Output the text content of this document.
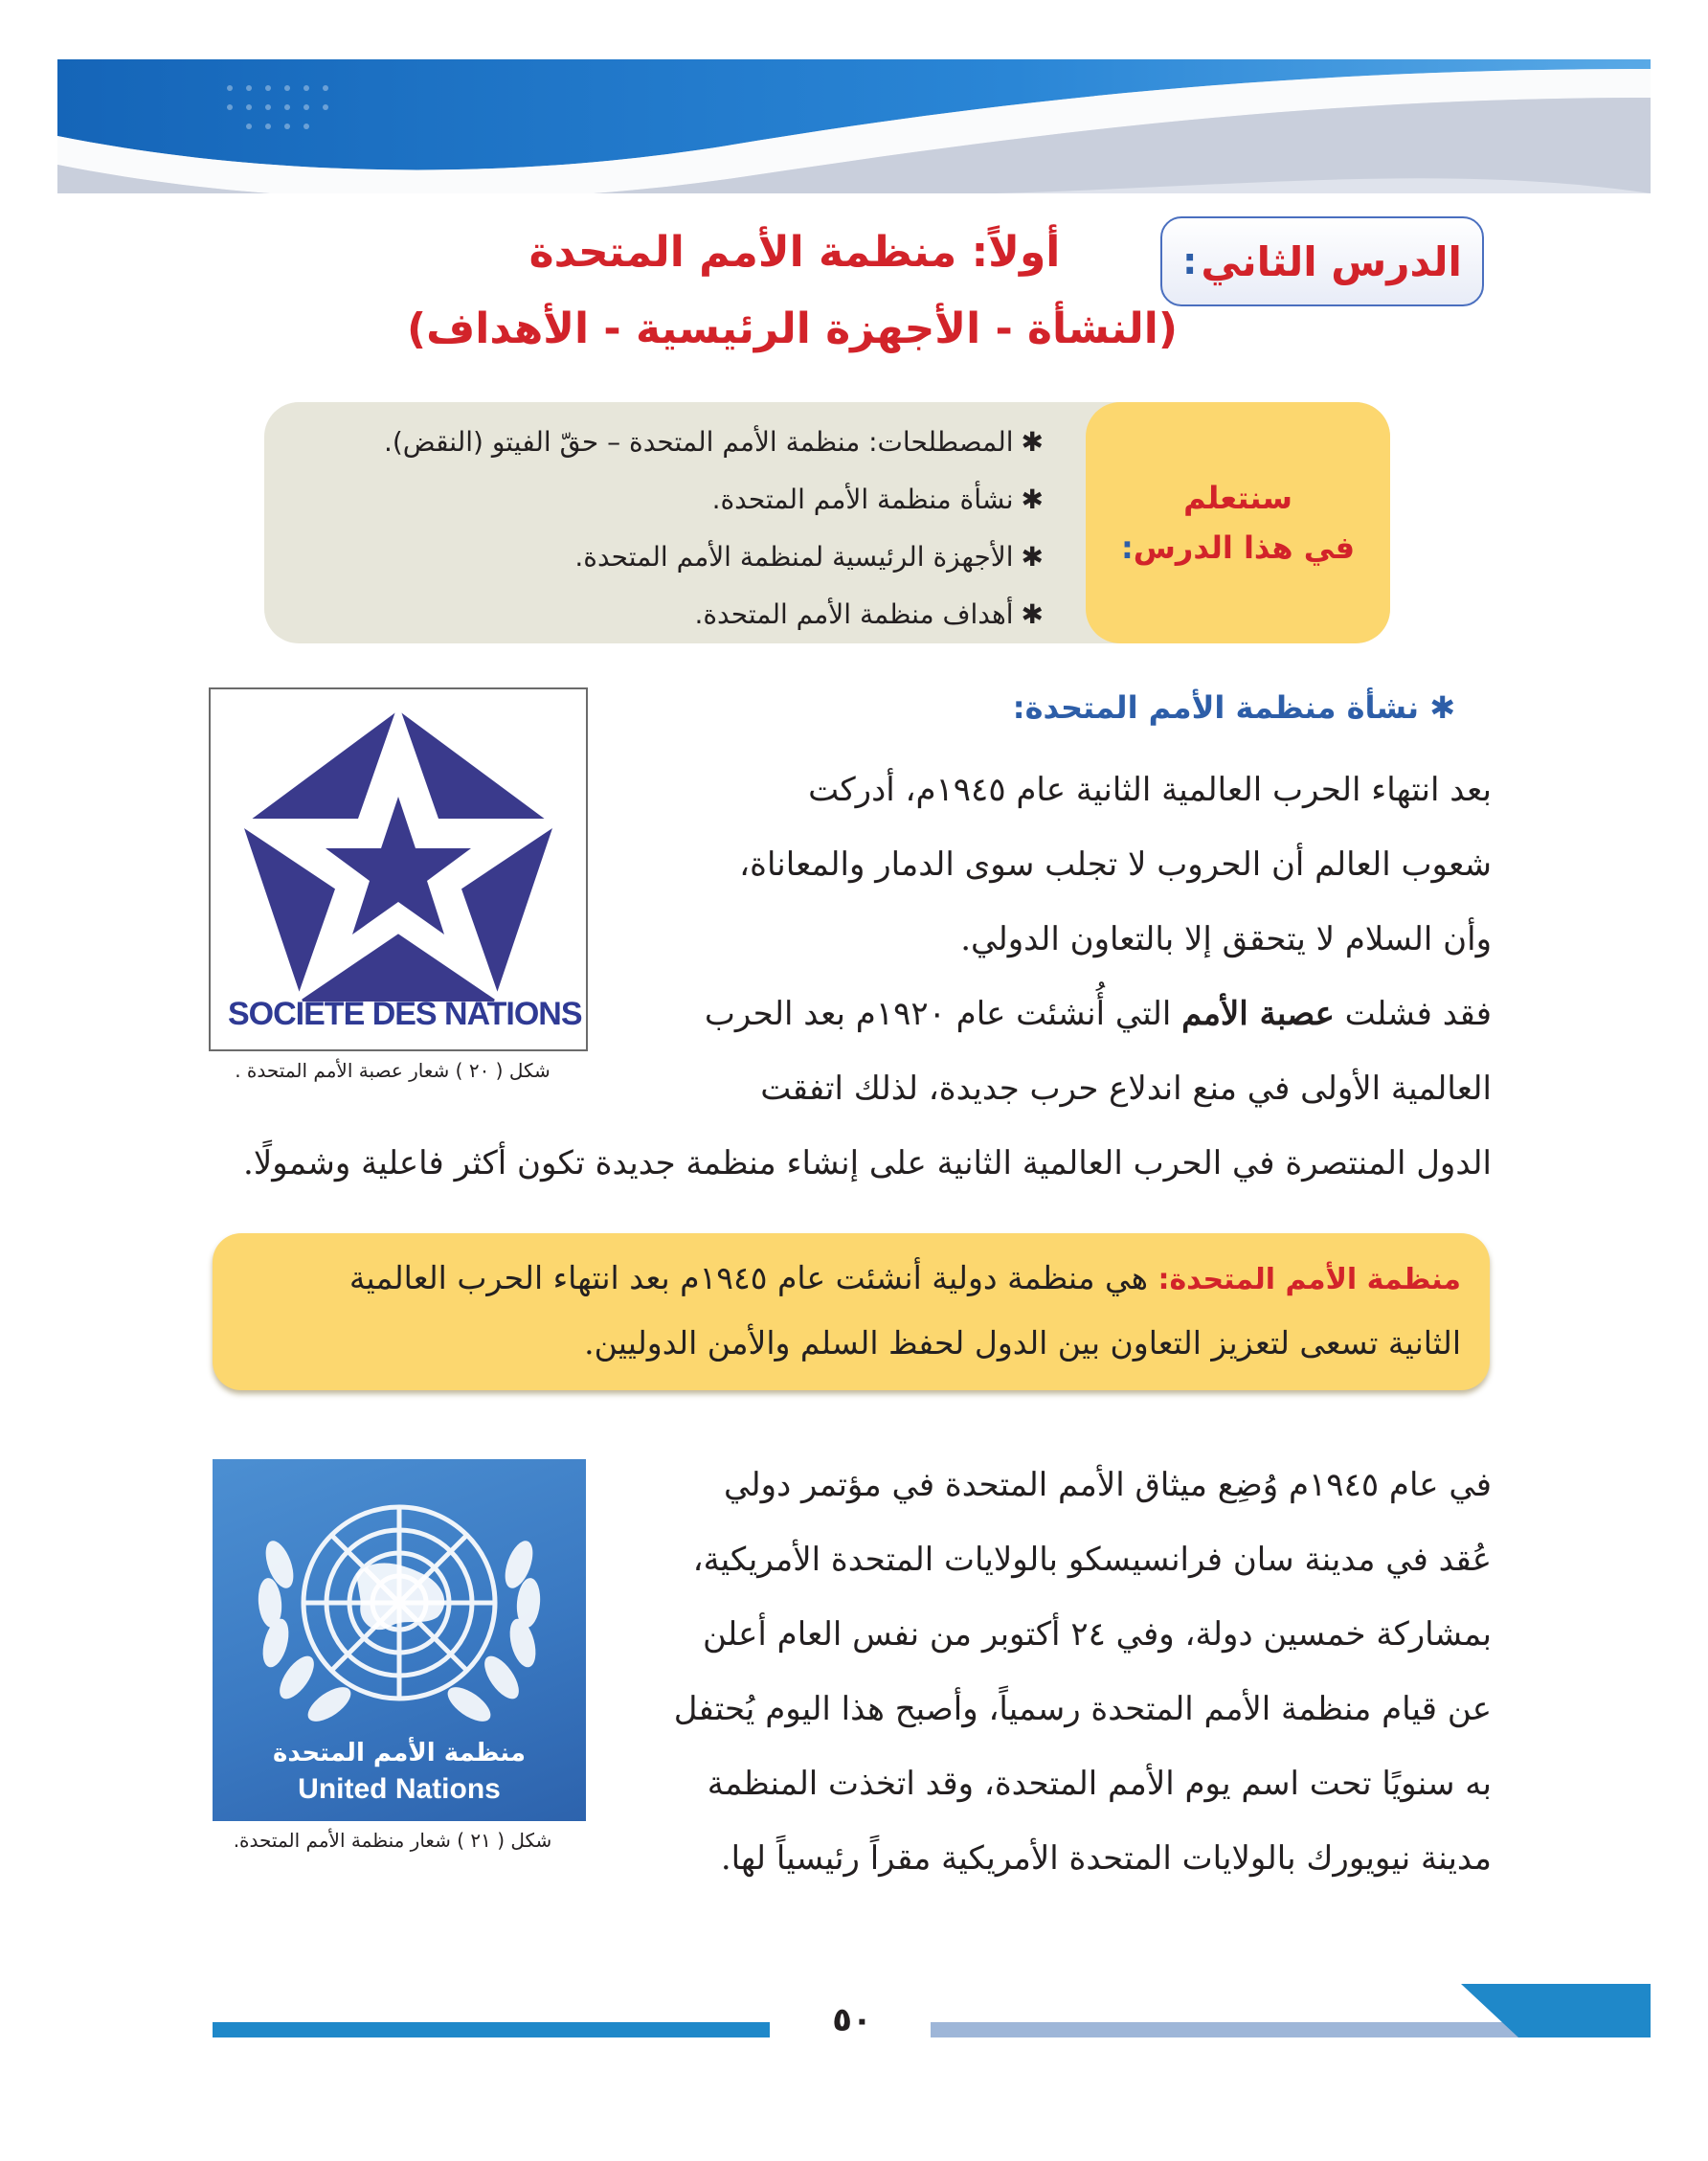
الدرس الثاني
:
أولاً: منظمة الأمم المتحدة
(النشأة - الأجهزة الرئيسية - الأهداف)
سنتعلم
في هذا الدرس:
✱المصطلحات: منظمة الأمم المتحدة – حقّ الفيتو (النقض).
✱نشأة منظمة الأمم المتحدة.
✱الأجهزة الرئيسية لمنظمة الأمم المتحدة.
✱أهداف منظمة الأمم المتحدة.
✱ نشأة منظمة الأمم المتحدة:

بعد انتهاء الحرب العالمية الثانية عام ١٩٤٥م، أدركت

شعوب العالم أن الحروب لا تجلب سوى الدمار والمعاناة،

وأن السلام لا يتحقق إلا بالتعاون الدولي.

فقد فشلت عصبة الأمم التي أُنشئت عام ١٩٢٠م بعد الحرب

العالمية الأولى في منع اندلاع حرب جديدة، لذلك اتفقت

الدول المنتصرة في الحرب العالمية الثانية على إنشاء منظمة جديدة تكون أكثر فاعلية وشمولًا.

SOCIETE DES NATIONS
شكل ( ٢٠ ) شعار عصبة الأمم المتحدة .

منظمة الأمم المتحدة: هي منظمة دولية أنشئت عام ١٩٤٥م بعد انتهاء الحرب العالمية

الثانية تسعى لتعزيز التعاون بين الدول لحفظ السلم والأمن الدوليين.

في عام ١٩٤٥م وُضِع ميثاق الأمم المتحدة في مؤتمر دولي

عُقد في مدينة سان فرانسيسكو بالولايات المتحدة الأمريكية،

بمشاركة خمسين دولة، وفي ٢٤ أكتوبر من نفس العام أعلن

عن قيام منظمة الأمم المتحدة رسمياً، وأصبح هذا اليوم يُحتفل

به سنويًا تحت اسم يوم الأمم المتحدة، وقد اتخذت المنظمة

مدينة نيويورك بالولايات المتحدة الأمريكية مقراً رئيسياً لها.

منظمة الأمم المتحدة
United Nations
شكل ( ٢١ ) شعار منظمة الأمم المتحدة.
٥٠
